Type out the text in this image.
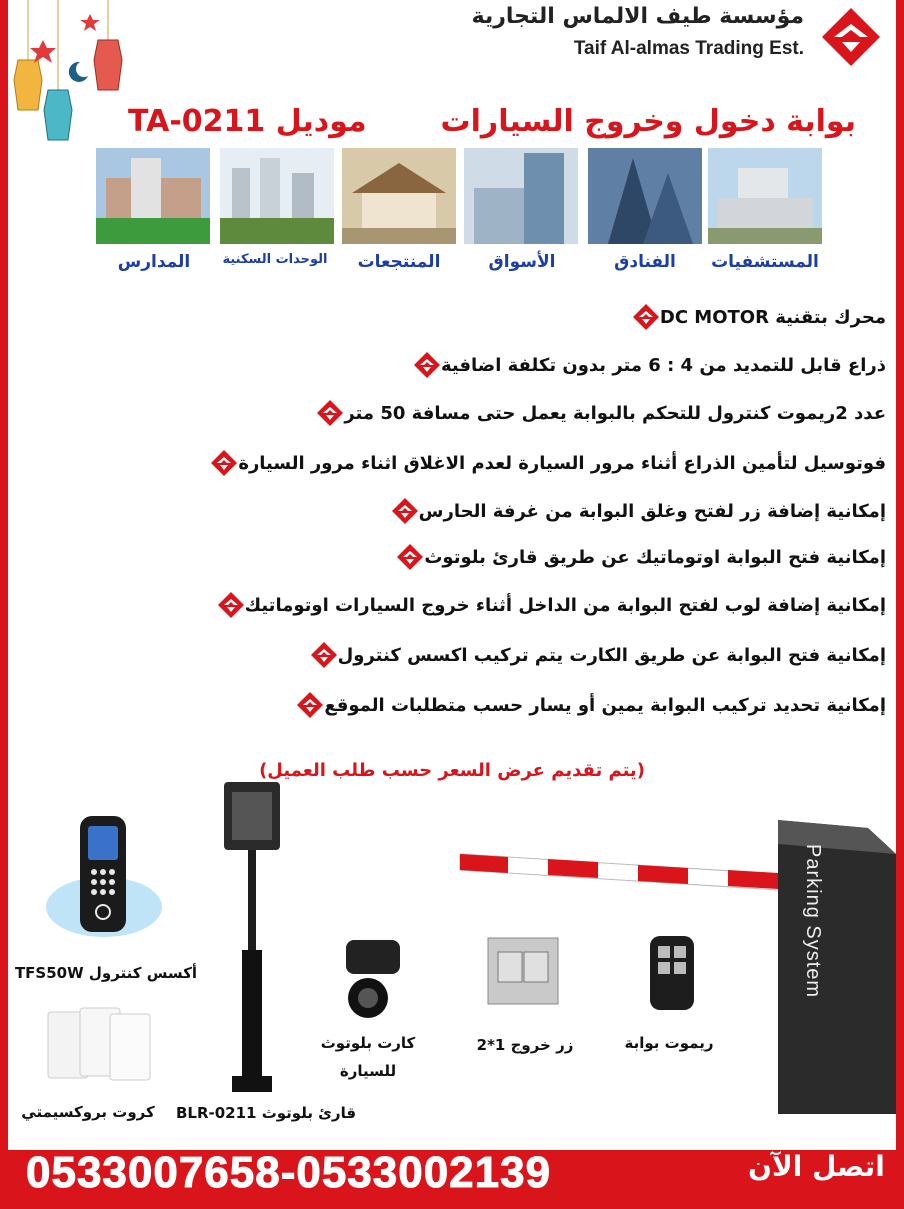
مؤسسة طيف الالماس التجارية
Taif Al-almas Trading Est.
بوابة دخول وخروج السيارات
موديل TA-0211
المستشفيات
الفنادق
الأسواق
المنتجعات
الوحدات السكنية
المدارس
محرك بتقنية DC MOTOR
ذراع قابل للتمديد من 4 : 6 متر بدون تكلفة اضافية
عدد 2ريموت كنترول للتحكم بالبوابة يعمل حتى مسافة 50 متر
فوتوسيل لتأمين الذراع أثناء مرور السيارة لعدم الاغلاق اثناء مرور السيارة
إمكانية إضافة زر لفتح وغلق البوابة من غرفة الحارس
إمكانية فتح البوابة اوتوماتيك عن طريق قارئ بلوتوث
إمكانية إضافة لوب لفتح البوابة من الداخل أثناء خروج السيارات اوتوماتيك
إمكانية فتح البوابة عن طريق الكارت يتم تركيب اكسس كنترول
إمكانية تحديد تركيب البوابة يمين أو يسار حسب متطلبات الموقع
(يتم تقديم عرض السعر حسب طلب العميل)
أكسس كنترول TFS50W
كروت بروكسيمتي	قارئ بلوتوث BLR-0211
كارت بلوتوث
للسيارة
زر خروج 1*2	ريموت بوابة
Parking System
0533007658-0533002139	اتصل الآن
